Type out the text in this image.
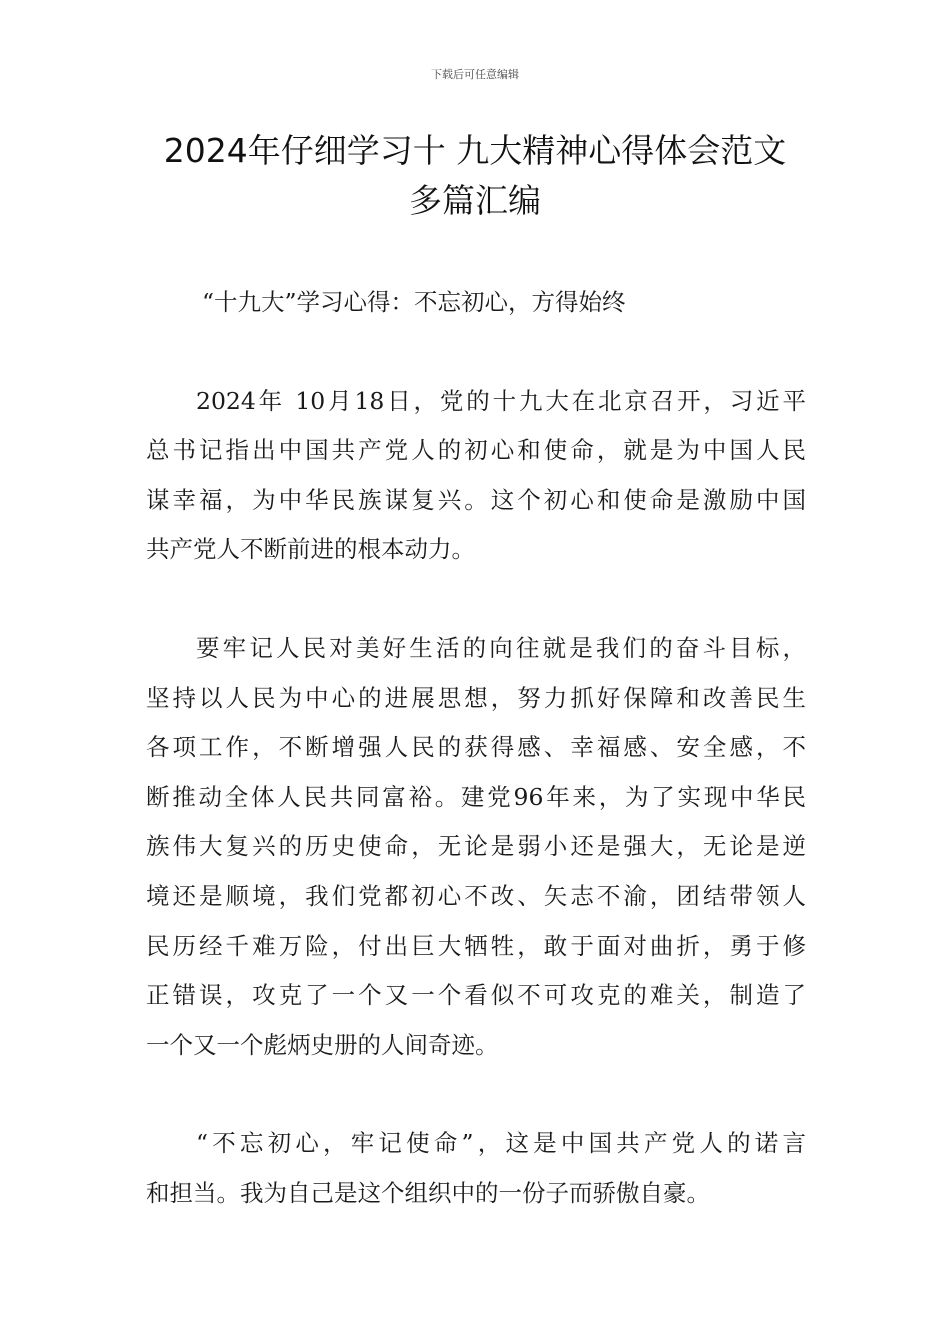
下载后可任意编辑
2024年仔细学习十 九大精神心得体会范文
多篇汇编

“十九大”学习心得：不忘初心，方得始终

2024年 10月18日，党的十九大在北京召开，习近平
总书记指出中国共产党人的初心和使命，就是为中国人民
谋幸福，为中华民族谋复兴。这个初心和使命是激励中国
共产党人不断前进的根本动力。

要牢记人民对美好生活的向往就是我们的奋斗目标，
坚持以人民为中心的进展思想，努力抓好保障和改善民生
各项工作，不断增强人民的获得感、幸福感、安全感，不
断推动全体人民共同富裕。建党96年来，为了实现中华民
族伟大复兴的历史使命，无论是弱小还是强大，无论是逆
境还是顺境，我们党都初心不改、矢志不渝，团结带领人
民历经千难万险，付出巨大牺牲，敢于面对曲折，勇于修
正错误，攻克了一个又一个看似不可攻克的难关，制造了
一个又一个彪炳史册的人间奇迹。

“不忘初心，牢记使命”，这是中国共产党人的诺言
和担当。我为自己是这个组织中的一份子而骄傲自豪。
